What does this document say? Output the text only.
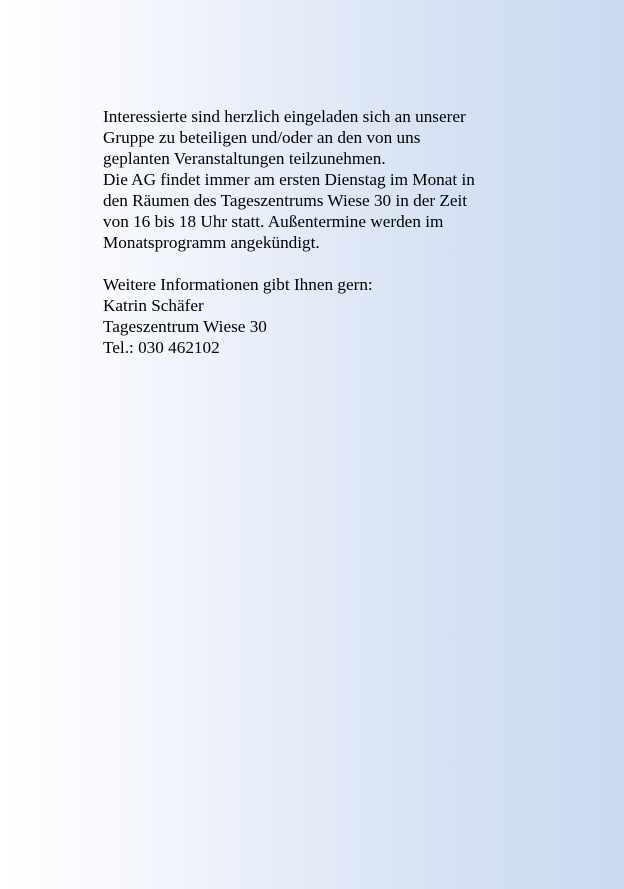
Interessierte sind herzlich eingeladen sich an unserer
Gruppe zu beteiligen und/oder an den von uns
geplanten Veranstaltungen teilzunehmen.
Die AG findet immer am ersten Dienstag im Monat in
den Räumen des Tageszentrums Wiese 30 in der Zeit
von 16 bis 18 Uhr statt. Außentermine werden im
Monatsprogramm angekündigt.
Weitere Informationen gibt Ihnen gern:
Katrin Schäfer
Tageszentrum Wiese 30
Tel.: 030 462102
